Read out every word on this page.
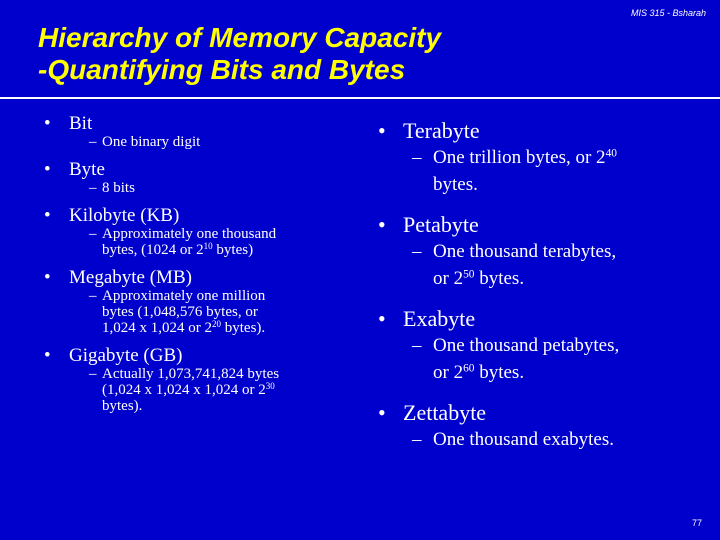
MIS 315 - Bsharah
Hierarchy of Memory Capacity
-Quantifying Bits and Bytes
• Bit
– One binary digit
• Byte
– 8 bits
• Kilobyte (KB)
– Approximately one thousand
bytes, (1024 or $2^{10}$ bytes)
• Megabyte (MB)
– Approximately one million
bytes (1,048,576 bytes, or
1,024 x 1,024 or $2^{20}$ bytes).
• Gigabyte (GB)
– Actually 1,073,741,824 bytes
(1,024 x 1,024 x 1,024 or $2^{30}$
bytes).
• Terabyte
– One trillion bytes, or $2^{40}$
bytes.
• Petabyte
– One thousand terabytes,
or $2^{50}$ bytes.
• Exabyte
– One thousand petabytes,
or $2^{60}$ bytes.
• Zettabyte
– One thousand exabytes.
77
